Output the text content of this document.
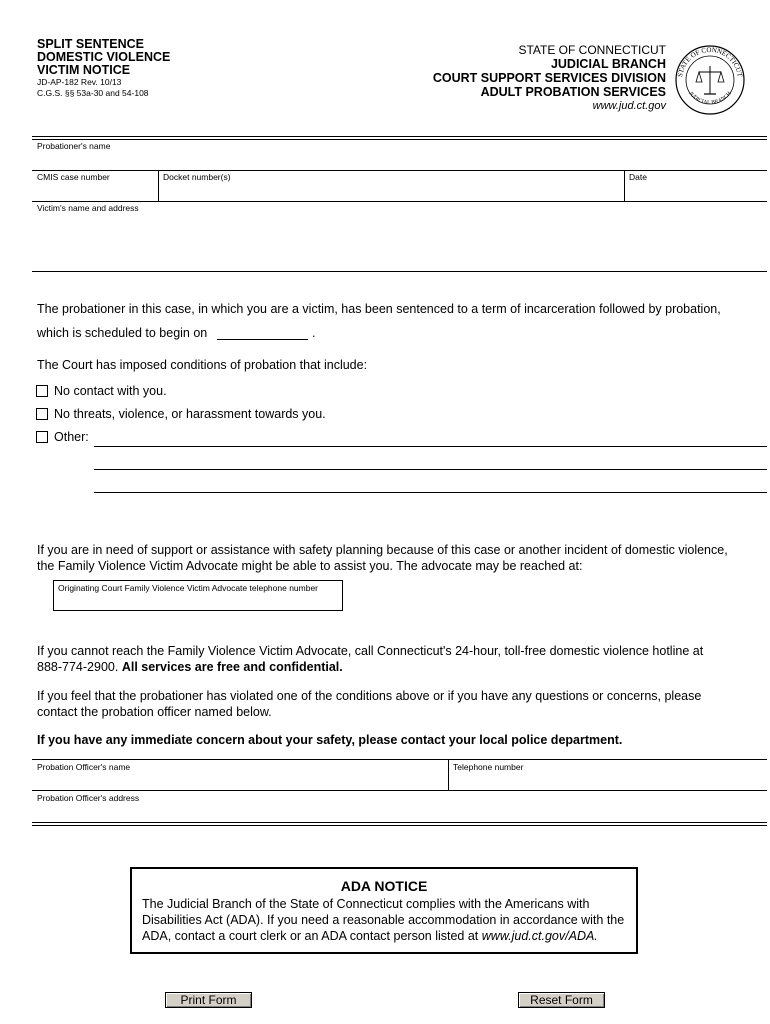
SPLIT SENTENCE
DOMESTIC VIOLENCE
VICTIM NOTICE
JD-AP-182 Rev. 10/13
C.G.S. §§ 53a-30 and 54-108
STATE OF CONNECTICUT
JUDICIAL BRANCH
COURT SUPPORT SERVICES DIVISION
ADULT PROBATION SERVICES
www.jud.ct.gov
STATE OF CONNECTICUT
JUDICIAL BRANCH
Probationer's name
CMIS case number	Docket number(s)	Date
Victim's name and address
The probationer in this case, in which you are a victim, has been sentenced to a term of incarceration followed by probation,
which is scheduled to begin on	.
The Court has imposed conditions of probation that include:
No contact with you.
No threats, violence, or harassment towards you.
Other:
If you are in need of support or assistance with safety planning because of this case or another incident of domestic violence,
the Family Violence Victim Advocate might be able to assist you. The advocate may be reached at:
Originating Court Family Violence Victim Advocate telephone number
If you cannot reach the Family Violence Victim Advocate, call Connecticut's 24-hour, toll-free domestic violence hotline at
888-774-2900. All services are free and confidential.
If you feel that the probationer has violated one of the conditions above or if you have any questions or concerns, please
contact the probation officer named below.
If you have any immediate concern about your safety, please contact your local police department.
Probation Officer's name	Telephone number
Probation Officer's address
ADA NOTICE
The Judicial Branch of the State of Connecticut complies with the Americans with
Disabilities Act (ADA). If you need a reasonable accommodation in accordance with the
ADA, contact a court clerk or an ADA contact person listed at www.jud.ct.gov/ADA.
Print Form	Reset Form
